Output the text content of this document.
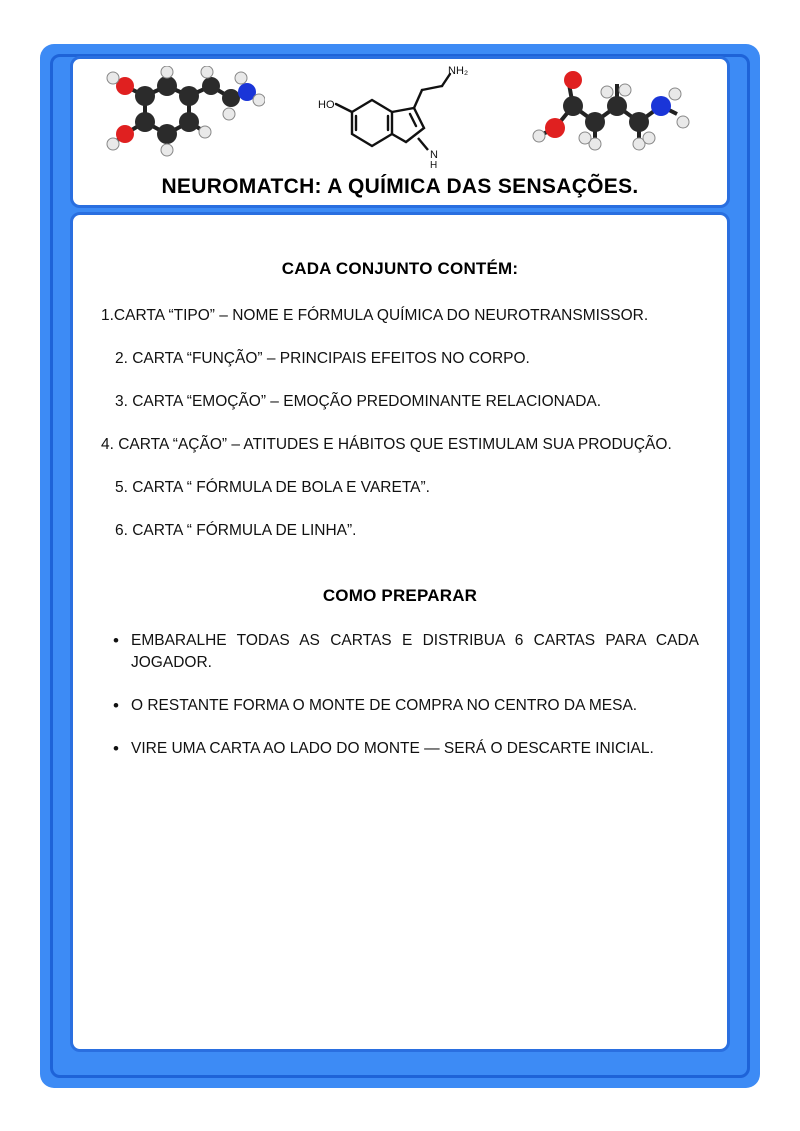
HO
N
H
NH₂
NEUROMATCH: A QUÍMICA DAS SENSAÇÕES.
CADA CONJUNTO CONTÉM:
1.CARTA “TIPO” – NOME E FÓRMULA QUÍMICA DO NEUROTRANSMISSOR.
2. CARTA “FUNÇÃO” – PRINCIPAIS EFEITOS NO CORPO.
3. CARTA “EMOÇÃO” – EMOÇÃO PREDOMINANTE RELACIONADA.
4. CARTA “AÇÃO” – ATITUDES E HÁBITOS QUE ESTIMULAM SUA PRODUÇÃO.
5. CARTA “ FÓRMULA DE BOLA E VARETA”.
6. CARTA “ FÓRMULA DE LINHA”.
COMO PREPARAR
• EMBARALHE TODAS AS CARTAS E DISTRIBUA 6 CARTAS PARA CADA JOGADOR.
• O RESTANTE FORMA O MONTE DE COMPRA NO CENTRO DA MESA.
• VIRE UMA CARTA AO LADO DO MONTE — SERÁ O DESCARTE INICIAL.
